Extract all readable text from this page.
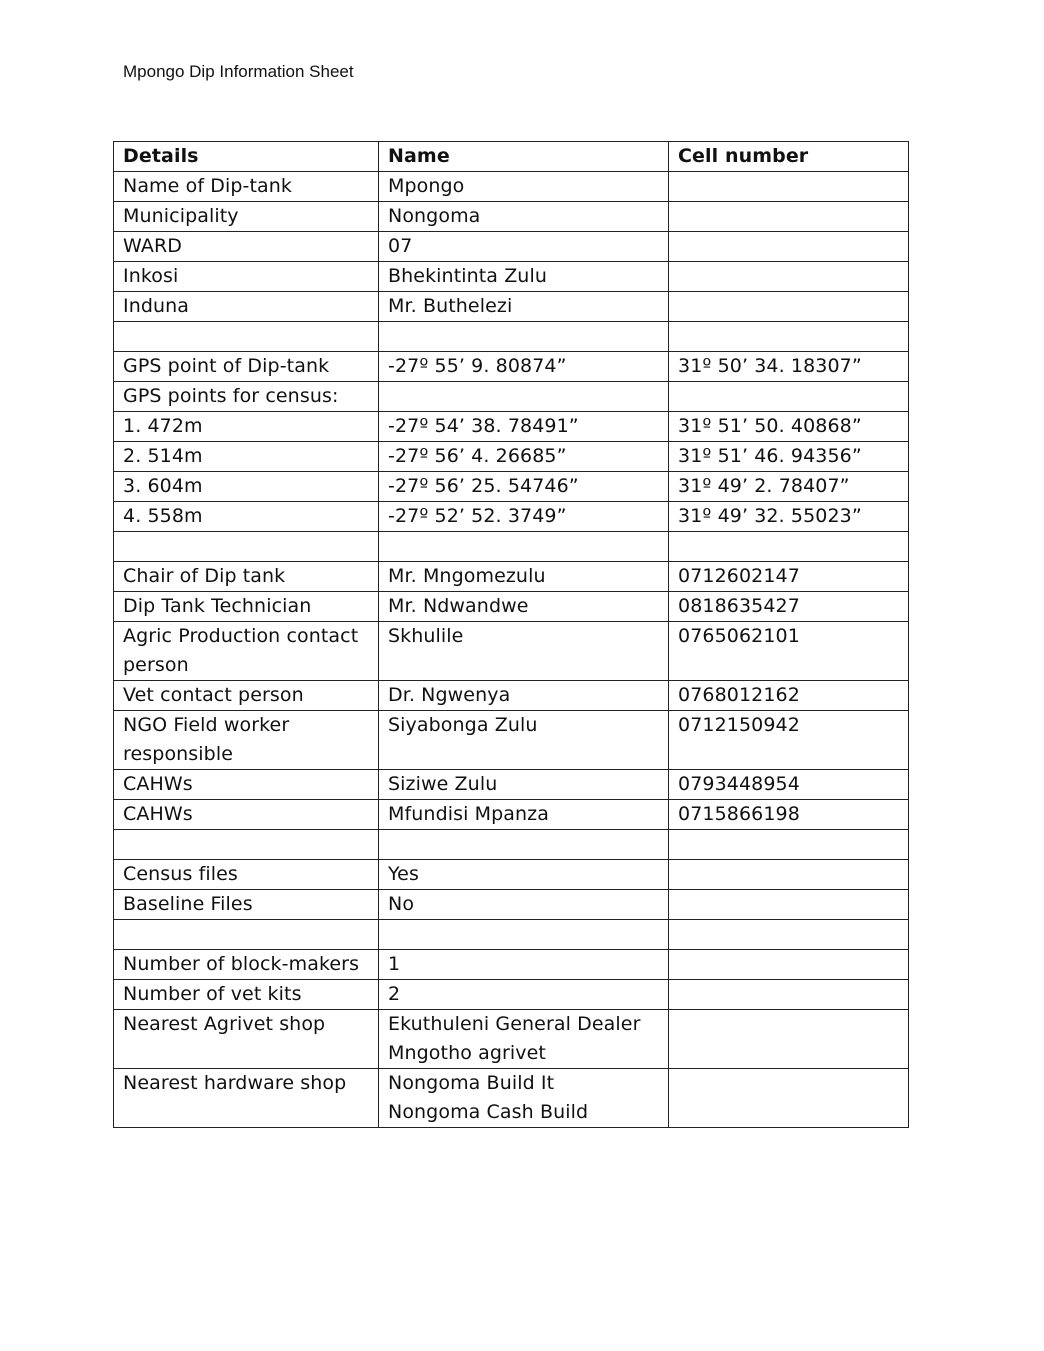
Mpongo Dip Information Sheet
Details	Name	Cell number
Name of Dip-tank	Mpongo	
Municipality	Nongoma	
WARD	07	
Inkosi	Bhekintinta Zulu	
Induna	Mr. Buthelezi	

GPS point of Dip-tank	-27º 55’ 9. 80874”	31º 50’ 34. 18307”
GPS points for census:		
1. 472m	-27º 54’ 38. 78491”	31º 51’ 50. 40868”
2. 514m	-27º 56’ 4. 26685”	31º 51’ 46. 94356”
3. 604m	-27º 56’ 25. 54746”	31º 49’ 2. 78407”
4. 558m	-27º 52’ 52. 3749”	31º 49’ 32. 55023”

Chair of Dip tank	Mr. Mngomezulu	0712602147
Dip Tank Technician	Mr. Ndwandwe	0818635427
Agric Production contact person	Skhulile	0765062101
Vet contact person	Dr. Ngwenya	0768012162
NGO Field worker responsible	Siyabonga Zulu	0712150942
CAHWs	Siziwe Zulu	0793448954
CAHWs	Mfundisi Mpanza	0715866198

Census files	Yes	
Baseline Files	No	

Number of block-makers	1	
Number of vet kits	2	
Nearest Agrivet shop	Ekuthuleni General Dealer
Mngotho agrivet	
Nearest hardware shop	Nongoma Build It
Nongoma Cash Build	
